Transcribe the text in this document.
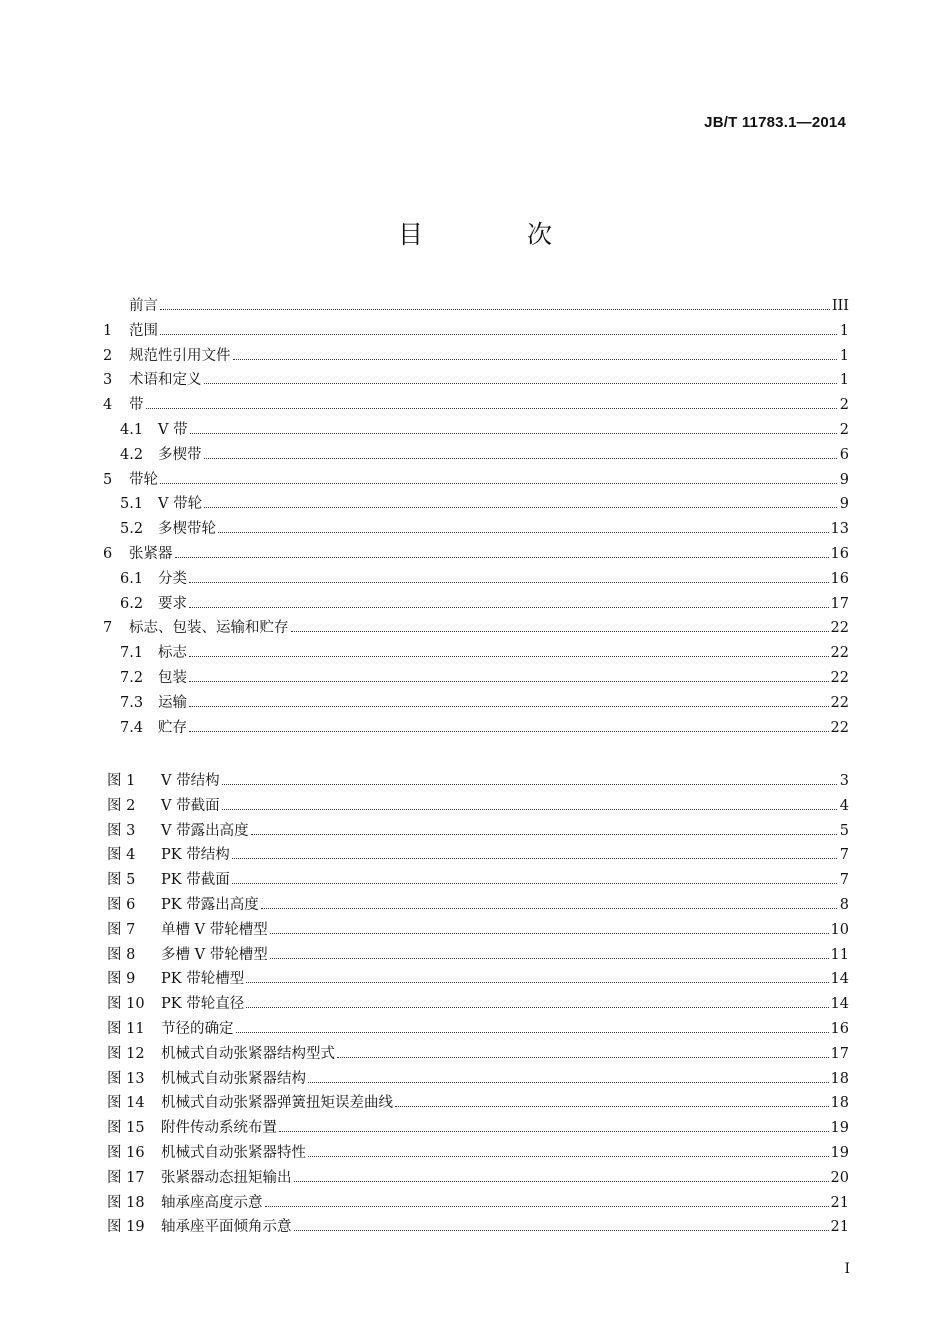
JB/T 11783.1—2014
目 次
前言	III
1	范围	1
2	规范性引用文件	1
3	术语和定义	1
4	带	2
4.1	V 带	2
4.2	多楔带	6
5	带轮	9
5.1	V 带轮	9
5.2	多楔带轮	13
6	张紧器	16
6.1	分类	16
6.2	要求	17
7	标志、包装、运输和贮存	22
7.1	标志	22
7.2	包装	22
7.3	运输	22
7.4	贮存	22
图 1	V 带结构	3
图 2	V 带截面	4
图 3	V 带露出高度	5
图 4	PK 带结构	7
图 5	PK 带截面	7
图 6	PK 带露出高度	8
图 7	单槽 V 带轮槽型	10
图 8	多槽 V 带轮槽型	11
图 9	PK 带轮槽型	14
图 10	PK 带轮直径	14
图 11	节径的确定	16
图 12	机械式自动张紧器结构型式	17
图 13	机械式自动张紧器结构	18
图 14	机械式自动张紧器弹簧扭矩误差曲线	18
图 15	附件传动系统布置	19
图 16	机械式自动张紧器特性	19
图 17	张紧器动态扭矩输出	20
图 18	轴承座高度示意	21
图 19	轴承座平面倾角示意	21
I
